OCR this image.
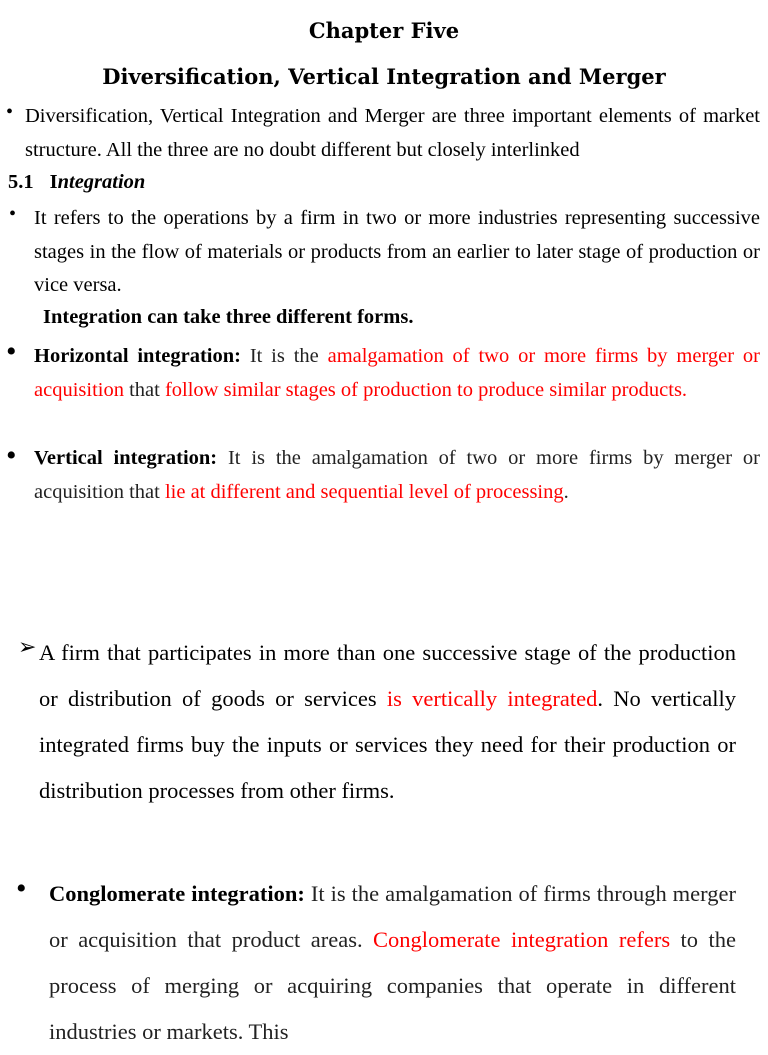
Chapter Five
Diversification, Vertical Integration and Merger
• Diversification, Vertical Integration and Merger are three important elements of market structure. All the three are no doubt different but closely interlinked
5.1 Integration
• It refers to the operations by a firm in two or more industries representing successive stages in the flow of materials or products from an earlier to later stage of production or vice versa.
Integration can take three different forms.
• Horizontal integration: It is the amalgamation of two or more firms by merger or acquisition that follow similar stages of production to produce similar products.
• Vertical integration: It is the amalgamation of two or more firms by merger or acquisition that lie at different and sequential level of processing.
➢ A firm that participates in more than one successive stage of the production or distribution of goods or services is vertically integrated. No vertically integrated firms buy the inputs or services they need for their production or distribution processes from other firms.
• Conglomerate integration: It is the amalgamation of firms through merger or acquisition that product areas. Conglomerate integration refers to the process of merging or acquiring companies that operate in different industries or markets. This
